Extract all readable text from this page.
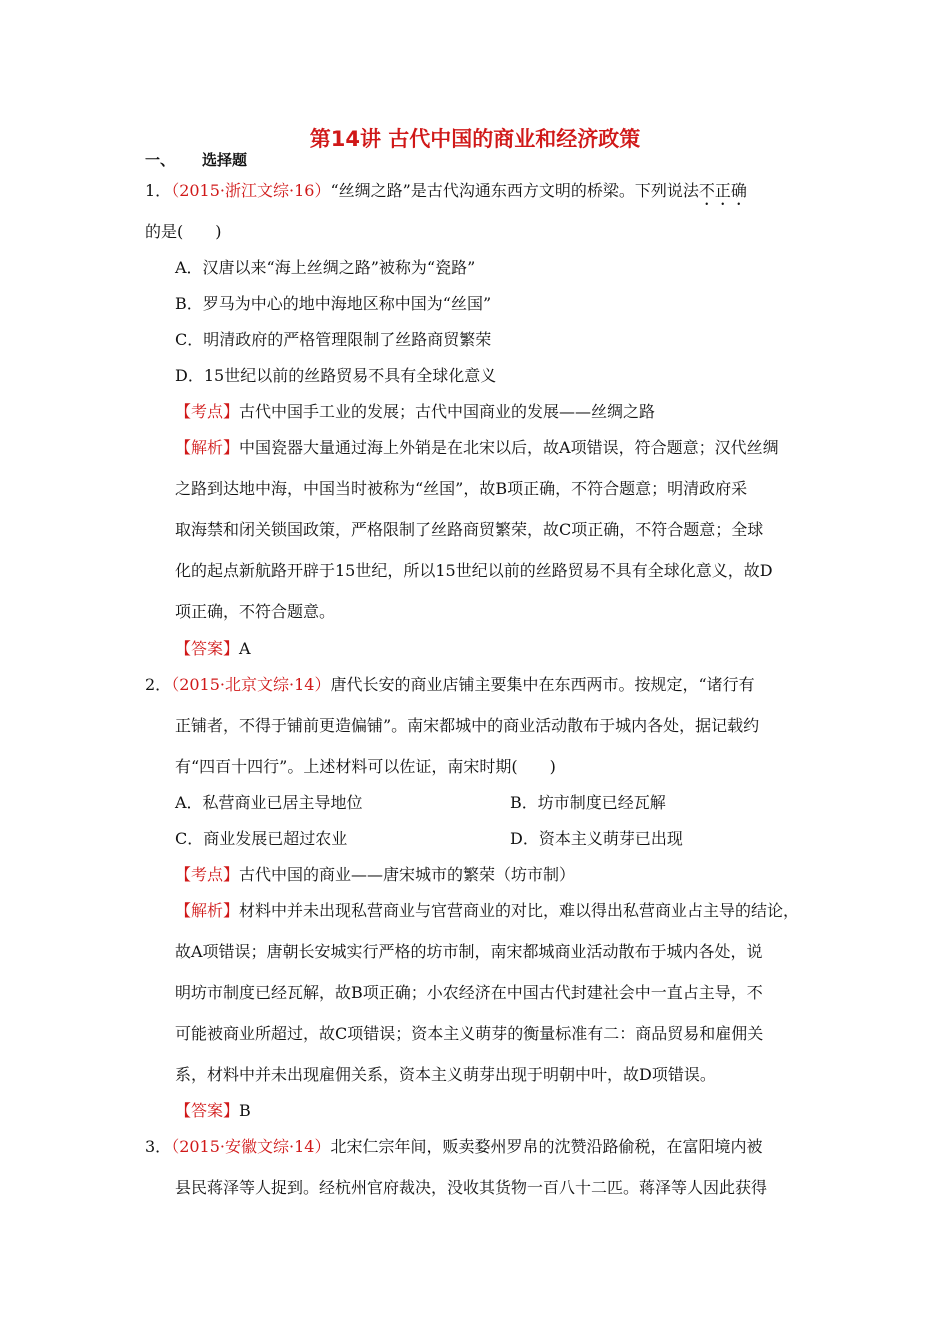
第14讲 古代中国的商业和经济政策
一、 选择题
1．（2015·浙江文综·16）“丝绸之路”是古代沟通东西方文明的桥梁。下列说法不正确
的是(　　)
A．汉唐以来“海上丝绸之路”被称为“瓷路”
B．罗马为中心的地中海地区称中国为“丝国”
C．明清政府的严格管理限制了丝路商贸繁荣
D．15世纪以前的丝路贸易不具有全球化意义
【考点】古代中国手工业的发展；古代中国商业的发展——丝绸之路
【解析】中国瓷器大量通过海上外销是在北宋以后，故A项错误，符合题意；汉代丝绸
之路到达地中海，中国当时被称为“丝国”，故B项正确，不符合题意；明清政府采
取海禁和闭关锁国政策，严格限制了丝路商贸繁荣，故C项正确，不符合题意；全球
化的起点新航路开辟于15世纪，所以15世纪以前的丝路贸易不具有全球化意义，故D
项正确，不符合题意。
【答案】A
2．（2015·北京文综·14）唐代长安的商业店铺主要集中在东西两市。按规定，“诸行有
正铺者，不得于铺前更造偏铺”。南宋都城中的商业活动散布于城内各处，据记载约
有“四百十四行”。上述材料可以佐证，南宋时期(　　)
A．私营商业已居主导地位	B．坊市制度已经瓦解
C．商业发展已超过农业	D．资本主义萌芽已出现
【考点】古代中国的商业——唐宋城市的繁荣（坊市制）
【解析】材料中并未出现私营商业与官营商业的对比，难以得出私营商业占主导的结论，
故A项错误；唐朝长安城实行严格的坊市制，南宋都城商业活动散布于城内各处，说
明坊市制度已经瓦解，故B项正确；小农经济在中国古代封建社会中一直占主导，不
可能被商业所超过，故C项错误；资本主义萌芽的衡量标准有二：商品贸易和雇佣关
系，材料中并未出现雇佣关系，资本主义萌芽出现于明朝中叶，故D项错误。
【答案】B
3．（2015·安徽文综·14）北宋仁宗年间，贩卖婺州罗帛的沈赞沿路偷税，在富阳境内被
县民蒋泽等人捉到。经杭州官府裁决，没收其货物一百八十二匹。蒋泽等人因此获得
